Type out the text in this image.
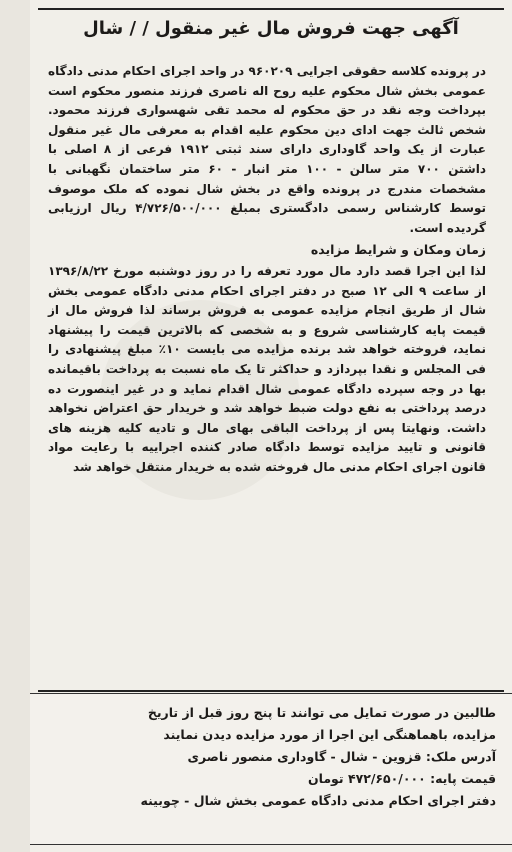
آگهی جهت فروش مال غیر منقول / / شال

در پرونده کلاسه حقوقی اجرایی ۹۶۰۲۰۹ در واحد اجرای احکام مدنی دادگاه عمومی بخش شال محکوم علیه روح اله ناصری فرزند منصور محکوم است بپرداخت وجه نقد در حق محکوم له محمد تقی شهسواری فرزند محمود. شخص ثالث جهت ادای دین محکوم علیه اقدام به معرفی مال غیر منقول عبارت از یک واحد گاوداری دارای سند ثبتی ۱۹۱۲ فرعی از ۸ اصلی با داشتن ۷۰۰ متر سالن - ۱۰۰ متر انبار - ۶۰ متر ساختمان نگهبانی با مشخصات مندرج در پرونده واقع در بخش شال نموده که ملک موصوف توسط کارشناس رسمی دادگستری بمبلغ ۴/۷۲۶/۵۰۰/۰۰۰ ریال ارزیابی گردیده است.

زمان ومکان و شرایط مزایده

لذا این اجرا قصد دارد مال مورد تعرفه را در روز دوشنبه مورخ ۱۳۹۶/۸/۲۲ از ساعت ۹ الی ۱۲ صبح در دفتر اجرای احکام مدنی دادگاه عمومی بخش شال از طریق انجام مزایده عمومی به فروش برساند لذا فروش مال از قیمت پایه کارشناسی شروع و به شخصی که بالاترین قیمت را پیشنهاد نماید، فروخته خواهد شد برنده مزایده می بایست ۱۰٪ مبلغ پیشنهادی را فی المجلس و نقدا بپردازد و حداکثر تا یک ماه نسبت به پرداخت باقیمانده بها در وجه سپرده دادگاه عمومی شال اقدام نماید و در غیر اینصورت ده درصد پرداختی به نفع دولت ضبط خواهد شد و خریدار حق اعتراض نخواهد داشت. ونهایتا پس از پرداخت الباقی بهای مال و تادیه کلیه هزینه های قانونی و تایید مزایده توسط دادگاه صادر کننده اجراییه با رعایت مواد قانون اجرای احکام مدنی مال فروخته شده به خریدار منتقل خواهد شد

طالبین در صورت تمایل می توانند تا پنج روز قبل از تاریخ
مزایده، باهماهنگی این اجرا از مورد مزایده دیدن نمایند
آدرس ملک: قزوین - شال - گاوداری منصور ناصری
قیمت پایه: ۴۷۲/۶۵۰/۰۰۰ تومان
دفتر اجرای احکام مدنی دادگاه عمومی بخش شال - چوبینه
